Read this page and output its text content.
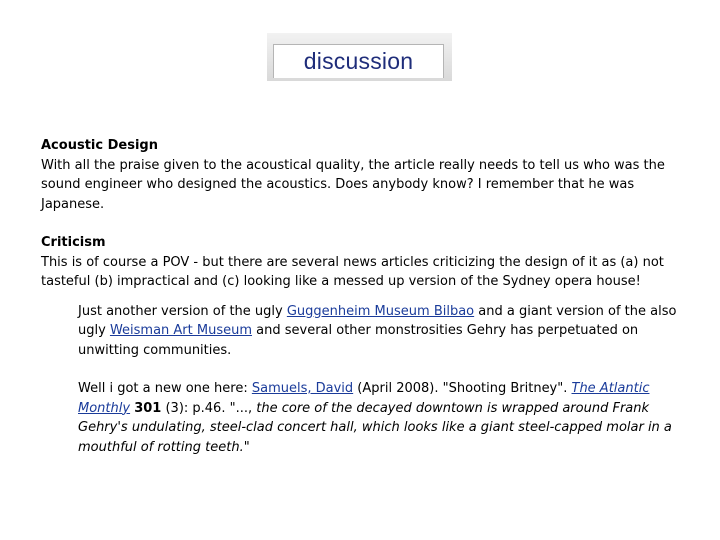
discussion

Acoustic Design

With all the praise given to the acoustical quality, the article really needs to tell us who was the sound engineer who designed the acoustics. Does anybody know? I remember that he was Japanese.

Criticism

This is of course a POV - but there are several news articles criticizing the design of it as (a) not tasteful (b) impractical and (c) looking like a messed up version of the Sydney opera house!

Just another version of the ugly Guggenheim Museum Bilbao and a giant version of the also ugly Weisman Art Museum and several other monstrosities Gehry has perpetuated on unwitting communities.

Well i got a new one here: Samuels, David (April 2008). "Shooting Britney". The Atlantic Monthly 301 (3): p.46. "..., the core of the decayed downtown is wrapped around Frank Gehry's undulating, steel-clad concert hall, which looks like a giant steel-capped molar in a mouthful of rotting teeth."
